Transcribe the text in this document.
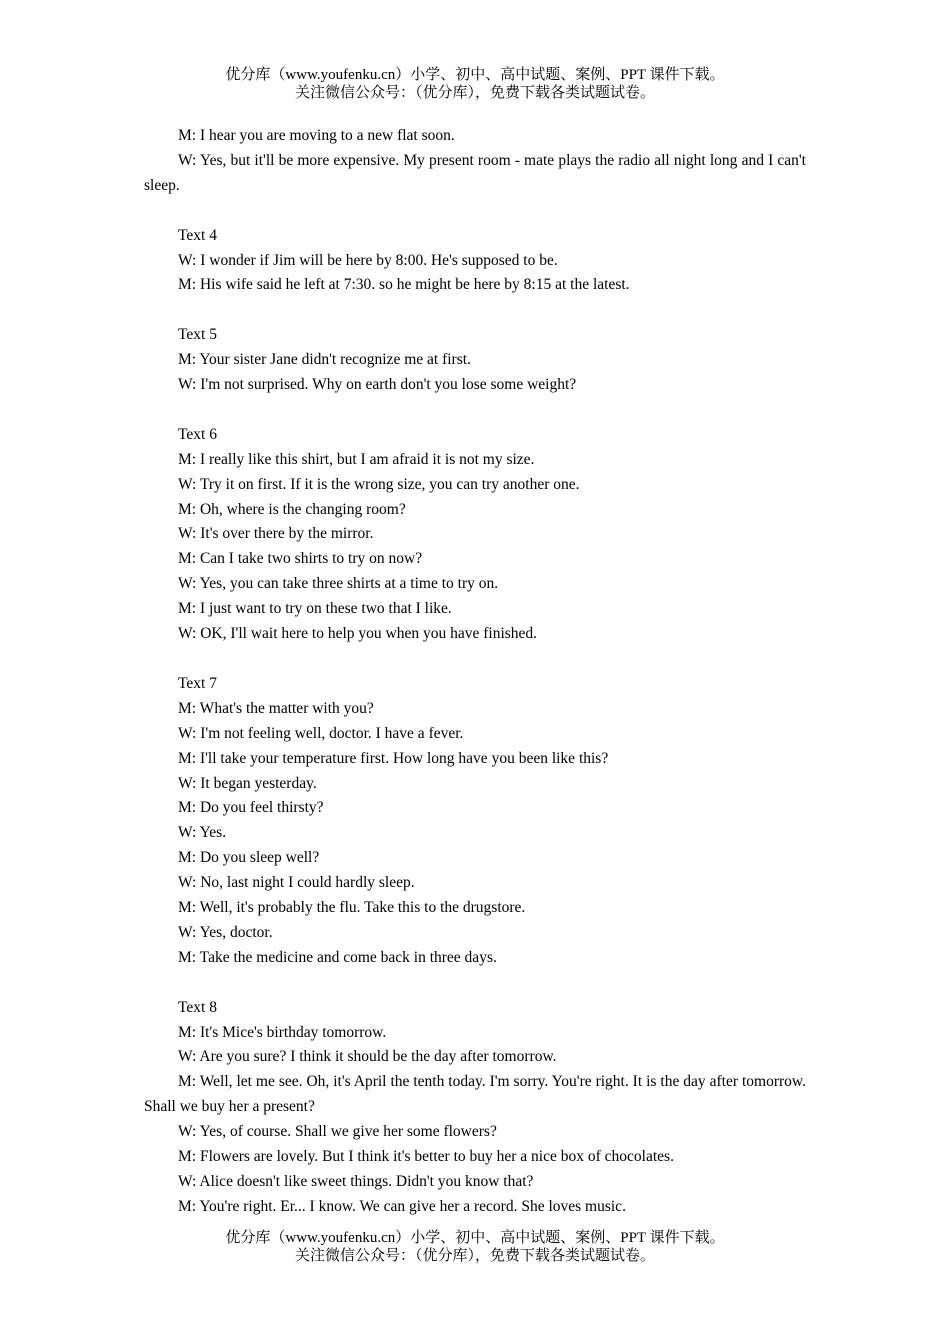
优分库（www.youfenku.cn）小学、初中、高中试题、案例、PPT 课件下载。
关注微信公众号：（优分库），免费下载各类试题试卷。

M: I hear you are moving to a new flat soon.

W: Yes, but it'll be more expensive. My present room - mate plays the radio all night long and I can't sleep.

Text 4

W: I wonder if Jim will be here by 8:00. He's supposed to be.

M: His wife said he left at 7:30. so he might be here by 8:15 at the latest.

Text 5

M: Your sister Jane didn't recognize me at first.

W: I'm not surprised. Why on earth don't you lose some weight?

Text 6

M: I really like this shirt, but I am afraid it is not my size.

W: Try it on first. If it is the wrong size, you can try another one.

M: Oh, where is the changing room?

W: It's over there by the mirror.

M: Can I take two shirts to try on now?

W: Yes, you can take three shirts at a time to try on.

M: I just want to try on these two that I like.

W: OK, I'll wait here to help you when you have finished.

Text 7

M: What's the matter with you?

W: I'm not feeling well, doctor. I have a fever.

M: I'll take your temperature first. How long have you been like this?

W: It began yesterday.

M: Do you feel thirsty?

W: Yes.

M: Do you sleep well?

W: No, last night I could hardly sleep.

M: Well, it's probably the flu. Take this to the drugstore.

W: Yes, doctor.

M: Take the medicine and come back in three days.

Text 8

M: It's Mice's birthday tomorrow.

W: Are you sure? I think it should be the day after tomorrow.

M: Well, let me see. Oh, it's April the tenth today. I'm sorry. You're right. It is the day after tomorrow. Shall we buy her a present?

W: Yes, of course. Shall we give her some flowers?

M: Flowers are lovely. But I think it's better to buy her a nice box of chocolates.

W: Alice doesn't like sweet things. Didn't you know that?

M: You're right. Er... I know. We can give her a record. She loves music.

优分库（www.youfenku.cn）小学、初中、高中试题、案例、PPT 课件下载。
关注微信公众号：（优分库），免费下载各类试题试卷。
